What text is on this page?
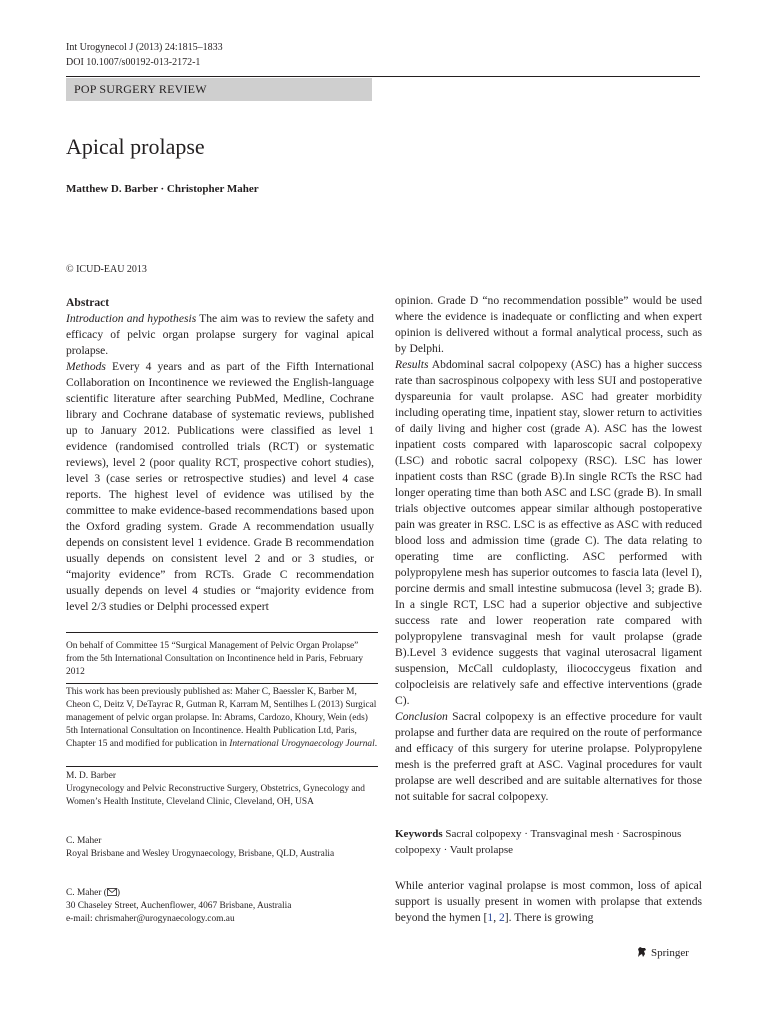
Int Urogynecol J (2013) 24:1815–1833
DOI 10.1007/s00192-013-2172-1
POP SURGERY REVIEW
Apical prolapse
Matthew D. Barber · Christopher Maher
© ICUD-EAU 2013

Abstract

Introduction and hypothesis The aim was to review the safety and efficacy of pelvic organ prolapse surgery for vaginal apical prolapse.

Methods Every 4 years and as part of the Fifth International Collaboration on Incontinence we reviewed the English-language scientific literature after searching PubMed, Medline, Cochrane library and Cochrane database of systematic reviews, published up to January 2012. Publications were classified as level 1 evidence (randomised controlled trials (RCT) or systematic reviews), level 2 (poor quality RCT, prospective cohort studies), level 3 (case series or retrospective studies) and level 4 case reports. The highest level of evidence was utilised by the committee to make evidence-based recommendations based upon the Oxford grading system. Grade A recommendation usually depends on consistent level 1 evidence. Grade B recommendation usually depends on consistent level 2 and or 3 studies, or “majority evidence” from RCTs. Grade C recommendation usually depends on level 4 studies or “majority evidence from level 2/3 studies or Delphi processed expert

On behalf of Committee 15 “Surgical Management of Pelvic Organ Prolapse” from the 5th International Consultation on Incontinence held in Paris, February 2012

This work has been previously published as: Maher C, Baessler K, Barber M, Cheon C, Deitz V, DeTayrac R, Gutman R, Karram M, Sentilhes L (2013) Surgical management of pelvic organ prolapse. In: Abrams, Cardozo, Khoury, Wein (eds) 5th International Consultation on Incontinence. Health Publication Ltd, Paris, Chapter 15 and modified for publication in International Urogynaecology Journal.

M. D. Barber

Urogynecology and Pelvic Reconstructive Surgery, Obstetrics, Gynecology and Women’s Health Institute, Cleveland Clinic, Cleveland, OH, USA

C. Maher

Royal Brisbane and Wesley Urogynaecology, Brisbane, QLD, Australia

C. Maher ( )

30 Chaseley Street, Auchenflower, 4067 Brisbane, Australia

e-mail: chrismaher@urogynaecology.com.au

opinion. Grade D “no recommendation possible” would be used where the evidence is inadequate or conflicting and when expert opinion is delivered without a formal analytical process, such as by Delphi.

Results Abdominal sacral colpopexy (ASC) has a higher success rate than sacrospinous colpopexy with less SUI and postoperative dyspareunia for vault prolapse. ASC had greater morbidity including operating time, inpatient stay, slower return to activities of daily living and higher cost (grade A). ASC has the lowest inpatient costs compared with laparoscopic sacral colpopexy (LSC) and robotic sacral colpopexy (RSC). LSC has lower inpatient costs than RSC (grade B).In single RCTs the RSC had longer operating time than both ASC and LSC (grade B). In small trials objective outcomes appear similar although postoperative pain was greater in RSC. LSC is as effective as ASC with reduced blood loss and admission time (grade C). The data relating to operating time are conflicting. ASC performed with polypropylene mesh has superior outcomes to fascia lata (level I), porcine dermis and small intestine submucosa (level 3; grade B). In a single RCT, LSC had a superior objective and subjective success rate and lower reoperation rate compared with polypropylene transvaginal mesh for vault prolapse (grade B).Level 3 evidence suggests that vaginal uterosacral ligament suspension, McCall culdoplasty, iliococcygeus fixation and colpocleisis are relatively safe and effective interventions (grade C).

Conclusion Sacral colpopexy is an effective procedure for vault prolapse and further data are required on the route of performance and efficacy of this surgery for uterine prolapse. Polypropylene mesh is the preferred graft at ASC. Vaginal procedures for vault prolapse are well described and are suitable alternatives for those not suitable for sacral colpopexy.

Keywords Sacral colpopexy · Transvaginal mesh · Sacrospinous colpopexy · Vault prolapse
While anterior vaginal prolapse is most common, loss of apical support is usually present in women with prolapse that extends beyond the hymen [1, 2]. There is growing
Springer
